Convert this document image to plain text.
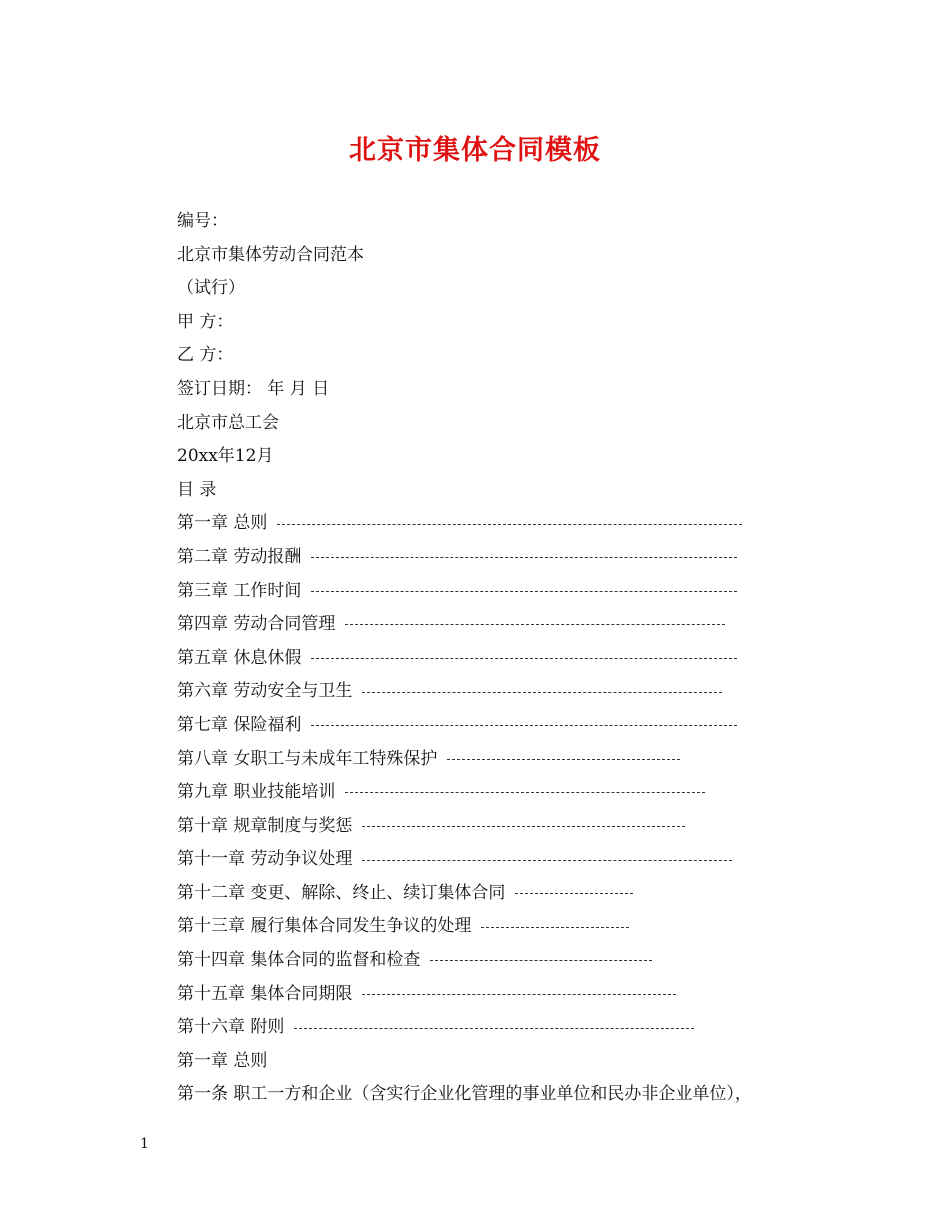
北京市集体合同模板
编号：
北京市集体劳动合同范本
（试行）
甲 方：
乙 方：
签订日期： 年 月 日
北京市总工会
20xx年12月
目 录
第一章 总则
第二章 劳动报酬
第三章 工作时间
第四章 劳动合同管理
第五章 休息休假
第六章 劳动安全与卫生
第七章 保险福利
第八章 女职工与未成年工特殊保护
第九章 职业技能培训
第十章 规章制度与奖惩
第十一章 劳动争议处理
第十二章 变更、解除、终止、续订集体合同
第十三章 履行集体合同发生争议的处理
第十四章 集体合同的监督和检查
第十五章 集体合同期限
第十六章 附则
第一章 总则
第一条 职工一方和企业（含实行企业化管理的事业单位和民办非企业单位），
1
